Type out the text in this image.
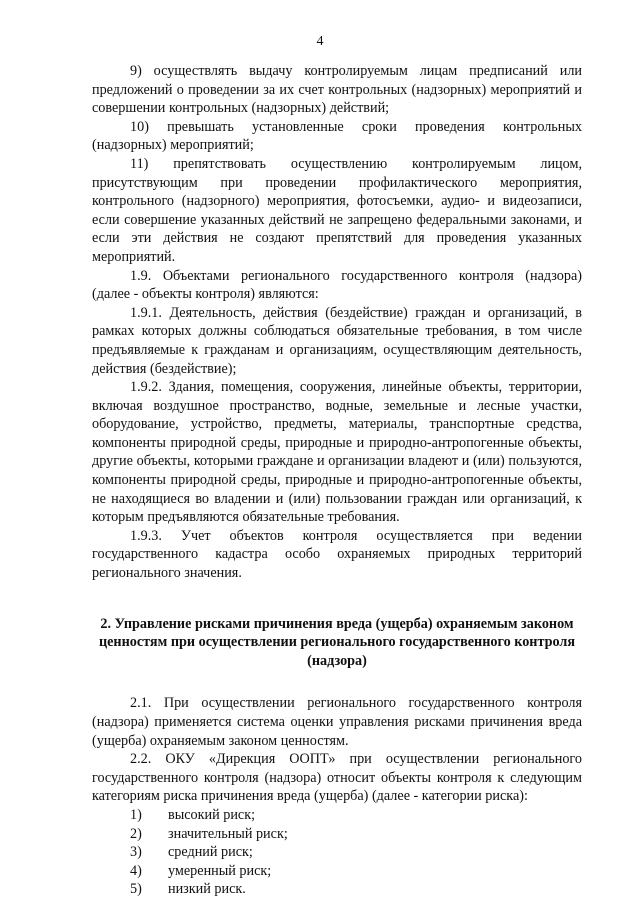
4

9) осуществлять выдачу контролируемым лицам предписаний или предложений о проведении за их счет контрольных (надзорных) мероприятий и совершении контрольных (надзорных) действий;

10) превышать установленные сроки проведения контрольных (надзорных) мероприятий;

11) препятствовать осуществлению контролируемым лицом, присутствующим при проведении профилактического мероприятия, контрольного (надзорного) мероприятия, фотосъемки, аудио- и видеозаписи, если совершение указанных действий не запрещено федеральными законами, и если эти действия не создают препятствий для проведения указанных мероприятий.

1.9. Объектами регионального государственного контроля (надзора) (далее - объекты контроля) являются:

1.9.1. Деятельность, действия (бездействие) граждан и организаций, в рамках которых должны соблюдаться обязательные требования, в том числе предъявляемые к гражданам и организациям, осуществляющим деятельность, действия (бездействие);

1.9.2. Здания, помещения, сооружения, линейные объекты, территории, включая воздушное пространство, водные, земельные и лесные участки, оборудование, устройство, предметы, материалы, транспортные средства, компоненты природной среды, природные и природно-антропогенные объекты, другие объекты, которыми граждане и организации владеют и (или) пользуются, компоненты природной среды, природные и природно-антропогенные объекты, не находящиеся во владении и (или) пользовании граждан или организаций, к которым предъявляются обязательные требования.

1.9.3. Учет объектов контроля осуществляется при ведении государственного кадастра особо охраняемых природных территорий регионального значения.

2. Управление рисками причинения вреда (ущерба) охраняемым законом ценностям при осуществлении регионального государственного контроля (надзора)

2.1. При осуществлении регионального государственного контроля (надзора) применяется система оценки управления рисками причинения вреда (ущерба) охраняемым законом ценностям.

2.2. ОКУ «Дирекция ООПТ» при осуществлении регионального государственного контроля (надзора) относит объекты контроля к следующим категориям риска причинения вреда (ущерба) (далее - категории риска):

1)	высокий риск;
2)	значительный риск;
3)	средний риск;
4)	умеренный риск;
5)	низкий риск.
